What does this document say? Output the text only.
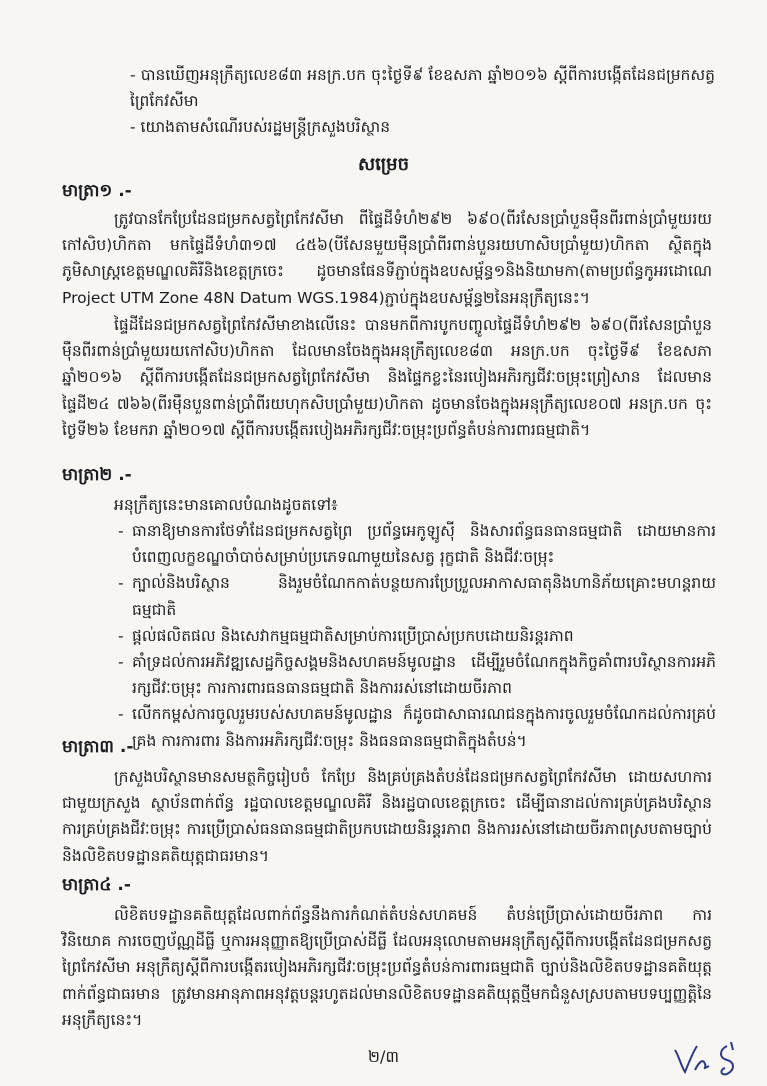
- បានឃើញអនុក្រឹត្យលេខ៨៣ អនក្រ.បក ចុះថ្ងៃទី៩ ខែឧសភា ឆ្នាំ២០១៦ ស្តីពីការបង្កើតដែនជម្រកសត្វព្រៃកែវសីមា
- យោងតាមសំណើរបស់រដ្ឋមន្ត្រីក្រសួងបរិស្ថាន
សម្រេច
មាត្រា១ .-
ត្រូវបានកែប្រែដែនជម្រកសត្វព្រៃកែវសីមា ពីផ្ទៃដីទំហំ២៩២ ៦៩០(ពីរសែនប្រាំបួនម៉ឺនពីរពាន់ប្រាំមួយរយកៅសិប)ហិកតា មកផ្ទៃដីទំហំ៣១៧ ៤៥៦(បីសែនមួយម៉ឺនប្រាំពីរពាន់បួនរយហាសិបប្រាំមួយ)ហិកតា ស្ថិតក្នុងភូមិសាស្ត្រខេត្តមណ្ឌលគិរីនិងខេត្តក្រចេះ ដូចមានផែនទីភ្ជាប់ក្នុងឧបសម្ព័ន្ធ១និងនិយាមកា(តាមប្រព័ន្ធកូអរដោណេ Project UTM Zone 48N Datum WGS.1984)ភ្ជាប់ក្នុងឧបសម្ព័ន្ធ២នៃអនុក្រឹត្យនេះ។
ផ្ទៃដីដែនជម្រកសត្វព្រៃកែវសីមាខាងលើនេះ បានមកពីការបូកបញ្ចូលផ្ទៃដីទំហំ២៩២ ៦៩០(ពីរសែនប្រាំបួនម៉ឺនពីរពាន់ប្រាំមួយរយកៅសិប)ហិកតា ដែលមានចែងក្នុងអនុក្រឹត្យលេខ៨៣ អនក្រ.បក ចុះថ្ងៃទី៩ ខែឧសភា ឆ្នាំ២០១៦ ស្តីពីការបង្កើតដែនជម្រកសត្វព្រៃកែវសីមា និងផ្ទៃកខ្លះនៃរបៀងអភិរក្សជីវៈចម្រុះព្រៀសាន ដែលមានផ្ទៃដី២៤ ៧៦៦(ពីរម៉ឺនបួនពាន់ប្រាំពីរយហុកសិបប្រាំមួយ)ហិកតា ដូចមានចែងក្នុងអនុក្រឹត្យលេខ០៧ អនក្រ.បក ចុះថ្ងៃទី២៦ ខែមករា ឆ្នាំ២០១៧ ស្តីពីការបង្កើតរបៀងអភិរក្សជីវៈចម្រុះប្រព័ន្ធតំបន់ការពារធម្មជាតិ។
មាត្រា២ .-
អនុក្រឹត្យនេះមានគោលបំណងដូចតទៅ៖
- ធានាឱ្យមានការថែទាំដែនជម្រកសត្វព្រៃ ប្រព័ន្ធអេកូឡូស៊ី និងសារព័ន្ធធនធានធម្មជាតិ ដោយមានការបំពេញលក្ខខណ្ឌចាំបាច់សម្រាប់ប្រភេទណាមួយនៃសត្វ រុក្ខជាតិ និងជីវៈចម្រុះ
- ក្បាល់និងបរិស្ថាន និងរួមចំណែកកាត់បន្ថយការប្រែប្រួលអាកាសធាតុនិងហានិភ័យគ្រោះមហន្តរាយធម្មជាតិ
- ផ្តល់ផលិតផល និងសេវាកម្មធម្មជាតិសម្រាប់ការប្រើប្រាស់ប្រកបដោយនិរន្តរភាព
- គាំទ្រដល់ការអភិវឌ្ឍសេដ្ឋកិច្ចសង្គមនិងសហគមន៍មូលដ្ឋាន ដើម្បីរួមចំណែកក្នុងកិច្ចគាំពារបរិស្ថានការអភិរក្សជីវៈចម្រុះ ការការពារធនធានធម្មជាតិ និងការរស់នៅដោយចីរភាព
- លើកកម្ពស់ការចូលរួមរបស់សហគមន៍មូលដ្ឋាន ក៏ដូចជាសាធារណជនក្នុងការចូលរួមចំណែកដល់ការគ្រប់គ្រង ការការពារ និងការអភិរក្សជីវៈចម្រុះ និងធនធានធម្មជាតិក្នុងតំបន់។
មាត្រា៣ .-
ក្រសួងបរិស្ថានមានសមត្ថកិច្ចរៀបចំ កែប្រែ និងគ្រប់គ្រងតំបន់ដែនជម្រកសត្វព្រៃកែវសីមា ដោយសហការជាមួយក្រសួង ស្ថាប័នពាក់ព័ន្ធ រដ្ឋបាលខេត្តមណ្ឌលគិរី និងរដ្ឋបាលខេត្តក្រចេះ ដើម្បីធានាដល់ការគ្រប់គ្រងបរិស្ថាន ការគ្រប់គ្រងជីវៈចម្រុះ ការប្រើប្រាស់ធនធានធម្មជាតិប្រកបដោយនិរន្តរភាព និងការរស់នៅដោយចីរភាពស្របតាមច្បាប់និងលិខិតបទដ្ឋានគតិយុត្តជាធរមាន។
មាត្រា៤ .-
លិខិតបទដ្ឋានគតិយុត្តដែលពាក់ព័ន្ធនឹងការកំណត់តំបន់សហគមន៍ តំបន់ប្រើប្រាស់ដោយចីរភាព ការវិនិយោគ ការចេញប័ណ្ណដីធ្លី ឬការអនុញ្ញាតឱ្យប្រើប្រាស់ដីធ្លី ដែលអនុលោមតាមអនុក្រឹត្យស្តីពីការបង្កើតដែនជម្រកសត្វព្រៃកែវសីមា អនុក្រឹត្យស្តីពីការបង្កើតរបៀងអភិរក្សជីវៈចម្រុះប្រព័ន្ធតំបន់ការពារធម្មជាតិ ច្បាប់និងលិខិតបទដ្ឋានគតិយុត្តពាក់ព័ន្ធជាធរមាន ត្រូវមានអានុភាពអនុវត្តបន្តរហូតដល់មានលិខិតបទដ្ឋានគតិយុត្តថ្មីមកជំនួសស្របតាមបទប្បញ្ញត្តិនៃអនុក្រឹត្យនេះ។
២/៣
